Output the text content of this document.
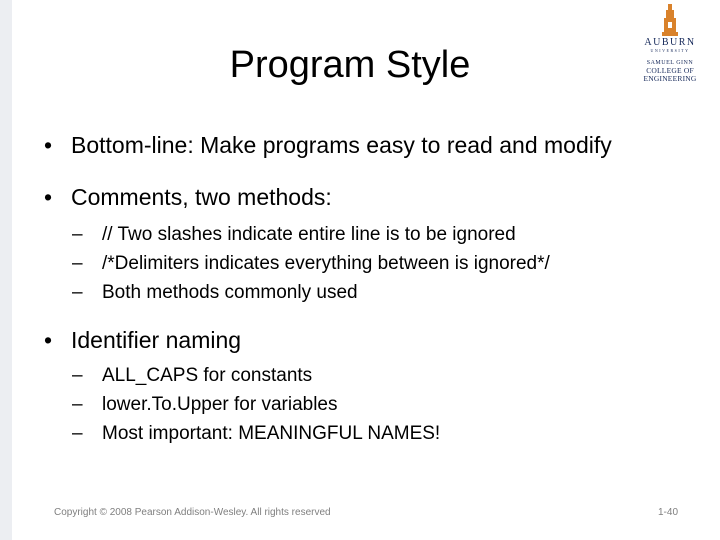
Program Style
AUBURN
UNIVERSITY
SAMUEL GINN
COLLEGE OF ENGINEERING
• Bottom-line: Make programs easy to read and modify
• Comments, two methods:
– // Two slashes indicate entire line is to be ignored
– /*Delimiters indicates everything between is ignored*/
– Both methods commonly used
• Identifier naming
– ALL_CAPS for constants
– lower.To.Upper for variables
– Most important: MEANINGFUL NAMES!
Copyright © 2008 Pearson Addison-Wesley. All rights reserved	1-40
